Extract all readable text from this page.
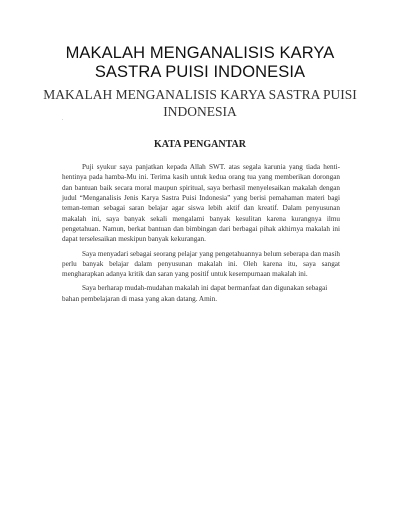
MAKALAH MENGANALISIS KARYA SASTRA PUISI INDONESIA
MAKALAH MENGANALISIS KARYA SASTRA PUISI INDONESIA
.
KATA PENGANTAR

Puji syukur saya panjatkan kepada Allah SWT. atas segala karunia yang tiada henti-hentinya pada hamba-Mu ini. Terima kasih untuk kedua orang tua yang memberikan dorongan dan bantuan baik secara moral maupun spiritual, saya berhasil menyelesaikan makalah dengan judul “Menganalisis Jenis Karya Sastra Puisi Indonesia” yang berisi pemahaman materi bagi teman-teman sebagai saran belajar agar siswa lebih aktif dan kreatif. Dalam penyusunan makalah ini, saya banyak sekali mengalami banyak kesulitan karena kurangnya ilmu pengetahuan. Namun, berkat bantuan dan bimbingan dari berbagai pihak akhirnya makalah ini dapat terselesaikan meskipun banyak kekurangan.

Saya menyadari sebagai seorang pelajar yang pengetahuannya belum seberapa dan masih perlu banyak belajar dalam penyusunan makalah ini. Oleh karena itu, saya sangat mengharapkan adanya kritik dan saran yang positif untuk kesempurnaan makalah ini.

Saya berharap mudah-mudahan makalah ini dapat bermanfaat dan digunakan sebagai bahan pembelajaran di masa yang akan datang. Amin.
